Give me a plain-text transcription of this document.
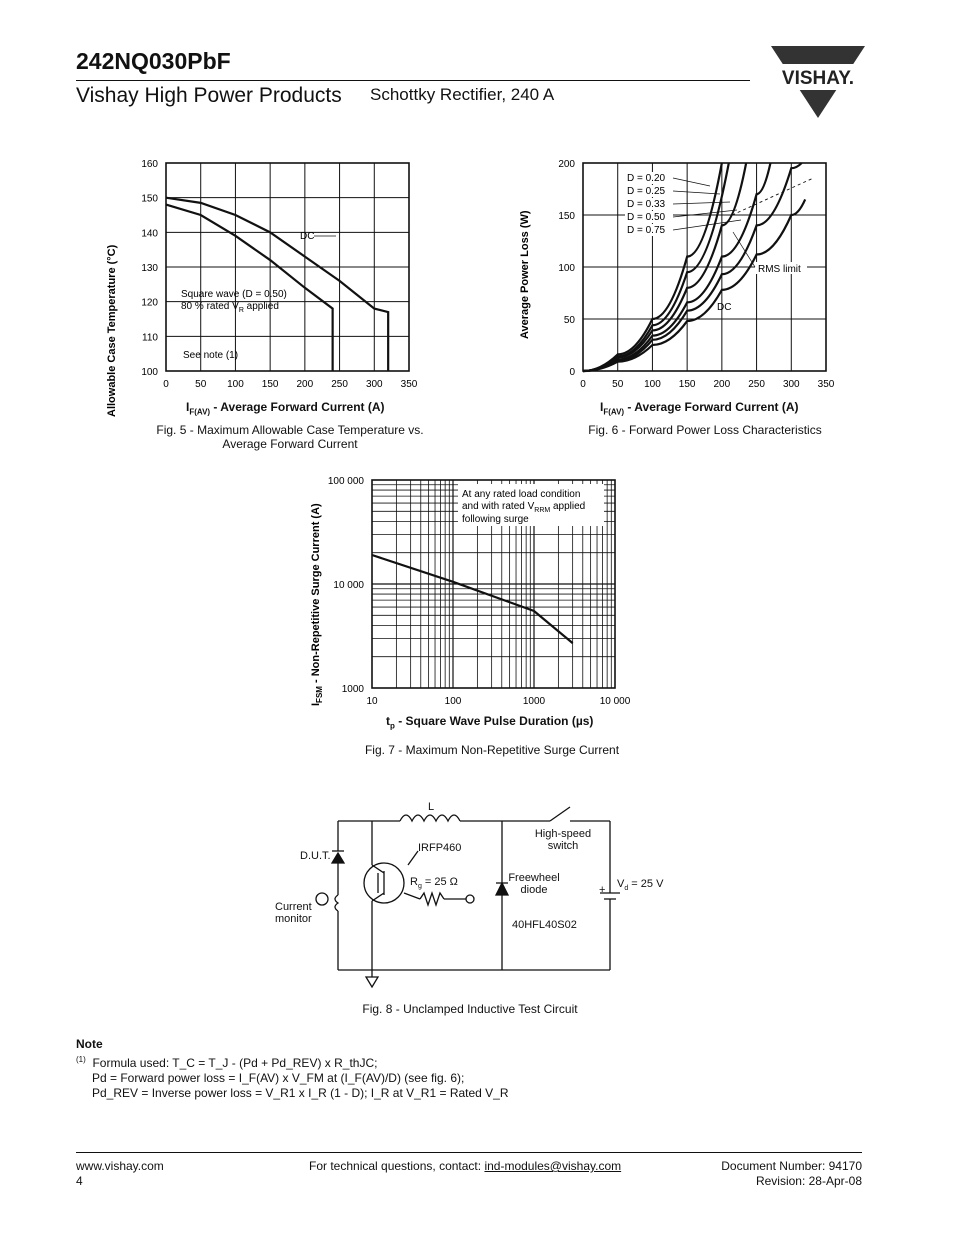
242NQ030PbF
Vishay High Power Products Schottky Rectifier, 240 A
VISHAY.
0	50 100 150 200 250 300 350
100
110
120
130
140
150
160
Allowable Case Temperature (°C)
DC
Square wave (D = 0.50)
80 % rated $V_R$ applied
See note (1)
$I_{F(AV)}$ - Average Forward Current (A)
Fig. 5 - Maximum Allowable Case Temperature vs.
Average Forward Current
0	50 100 150 200 250 300 350
0
50
100
150
200
Average Power Loss (W)
D = 0.20
D = 0.25
D = 0.33
D = 0.50
D = 0.75
RMS limit
DC
$I_{F(AV)}$ - Average Forward Current (A)
Fig. 6 - Forward Power Loss Characteristics
10	100	1000	10 000
1000
10 000
100 000
$I_{FSM}$ - Non-Repetitive Surge Current (A)
At any rated load condition
and with rated $V_{RRM}$ applied
following surge
$t_p$ - Square Wave Pulse Duration (µs)
Fig. 7 - Maximum Non-Repetitive Surge Current
L
High-speed
switch
D.U.T.
IRFP460
$R_g = 25$ Ω	Freewheel
diode	+ $V_d = 25$ V
Current
monitor	40HFL40S02
Fig. 8 - Unclamped Inductive Test Circuit
Note
$^{(1)}$ Formula used: T_C = T_J - (Pd + Pd_REV) x R_thJC;
Pd = Forward power loss = I_F(AV) x V_FM at (I_F(AV)/D) (see fig. 6);
Pd_REV = Inverse power loss = V_R1 x I_R (1 - D); I_R at V_R1 = Rated V_R
www.vishay.com
4
For technical questions, contact: ind-modules@vishay.com	Document Number: 94170
Revision: 28-Apr-08
